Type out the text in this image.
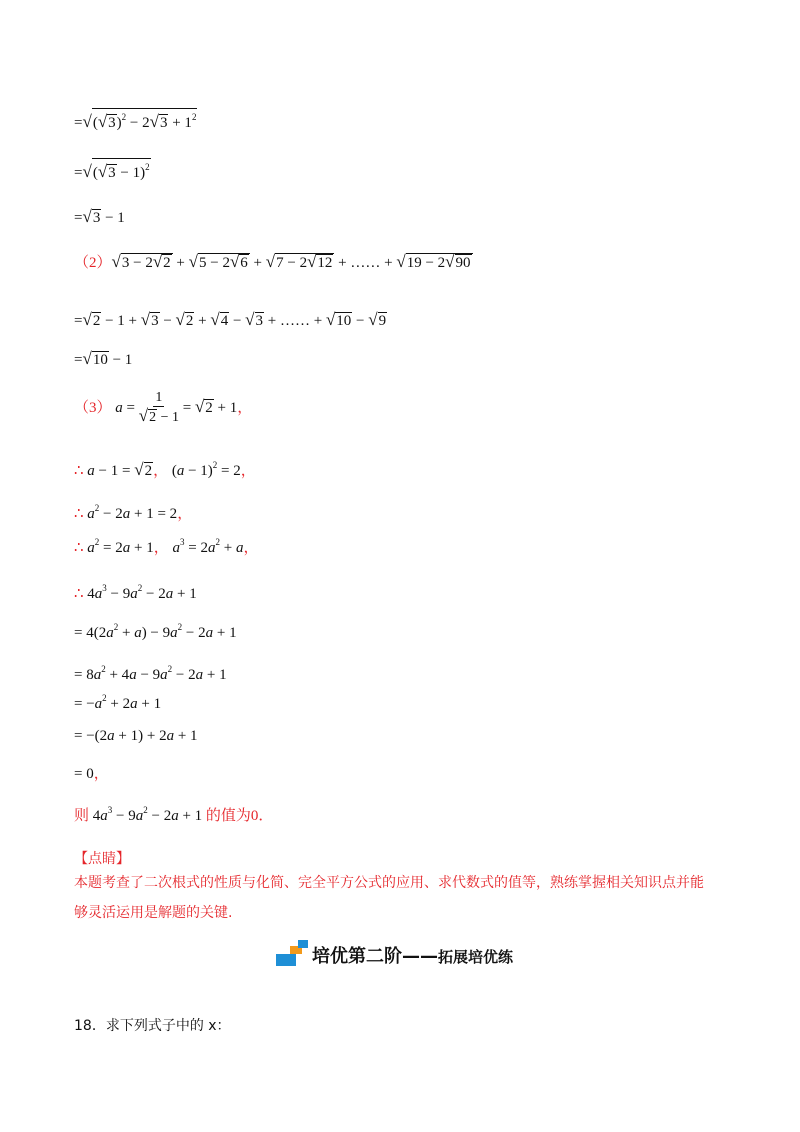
$=√(√3)^2 - 2√3 + 1^2$
$=√(√3 - 1)^2$
=√3 − 1
（2）√3 − 2√2 + √5 − 2√6 + √7 − 2√12 + …… + √19 − 2√90
=√2 − 1 + √3 − √2 + √4 − √3 + …… + √10 − √9
=√10 − 1
（3） $a = \frac{1}{√2 - 1} = √2 + 1$，
∴ a − 1 = √2， $(a - 1)^2 = 2$，
∴ $a^2 - 2a + 1 = 2$，
∴ $a^2 = 2a + 1$， $a^3 = 2a^2 + a$，
∴ $4a^3 - 9a^2 - 2a + 1$
= $4(2a^2 + a) - 9a^2 - 2a + 1$
= $8a^2 + 4a - 9a^2 - 2a + 1$
= $-a^2 + 2a + 1$
= −(2a + 1) + 2a + 1
= 0，
则 $4a^3 - 9a^2 - 2a + 1$ 的值为0．
【点睛】
本题考查了二次根式的性质与化简、完全平方公式的应用、求代数式的值等，熟练掌握相关知识点并能够灵活运用是解题的关键.
培优第二阶——拓展培优练
18．求下列式子中的 x：
